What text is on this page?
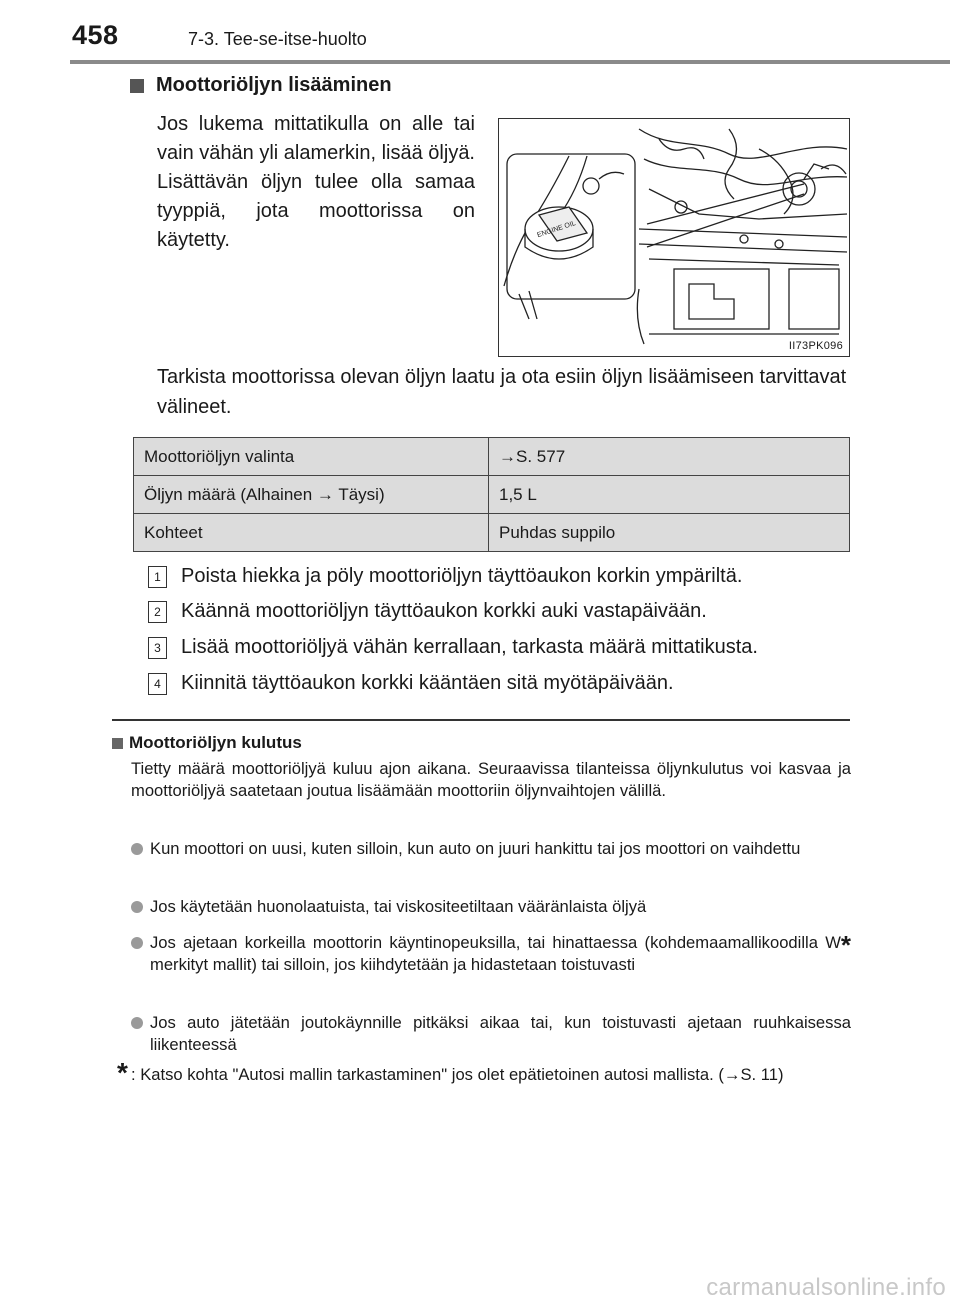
458	7-3. Tee-se-itse-huolto
Moottoriöljyn lisääminen
Jos lukema mittatikulla on alle tai vain vähän yli alamerkin, lisää öljyä. Lisättävän öljyn tulee olla samaa tyyppiä, jota moottorissa on käytetty.	ENGINE OIL
II73PK096
Tarkista moottorissa olevan öljyn laatu ja ota esiin öljyn lisäämiseen tarvittavat välineet.
Moottoriöljyn valinta	→S. 577
Öljyn määrä (Alhainen → Täysi)	1,5 L
Kohteet	Puhdas suppilo
1	Poista hiekka ja pöly moottoriöljyn täyttöaukon korkin ympäriltä.
2	Käännä moottoriöljyn täyttöaukon korkki auki vastapäivään.
3	Lisää moottoriöljyä vähän kerrallaan, tarkasta määrä mittatikusta.
4	Kiinnitä täyttöaukon korkki kääntäen sitä myötäpäivään.
Moottoriöljyn kulutus
Tietty määrä moottoriöljyä kuluu ajon aikana. Seuraavissa tilanteissa öljynkulutus voi kasvaa ja moottoriöljyä saatetaan joutua lisäämään moottoriin öljynvaihtojen välillä.
Kun moottori on uusi, kuten silloin, kun auto on juuri hankittu tai jos moottori on vaihdettu
Jos käytetään huonolaatuista, tai viskositeetiltaan vääränlaista öljyä
Jos ajetaan korkeilla moottorin käyntinopeuksilla, tai hinattaessa (kohdemaamallikoodilla W* merkityt mallit) tai silloin, jos kiihdytetään ja hidastetaan toistuvasti
Jos auto jätetään joutokäynnille pitkäksi aikaa tai, kun toistuvasti ajetaan ruuhkaisessa liikenteessä
* : Katso kohta "Autosi mallin tarkastaminen" jos olet epätietoinen autosi mallista. (→S. 11)
carmanualsonline.info
